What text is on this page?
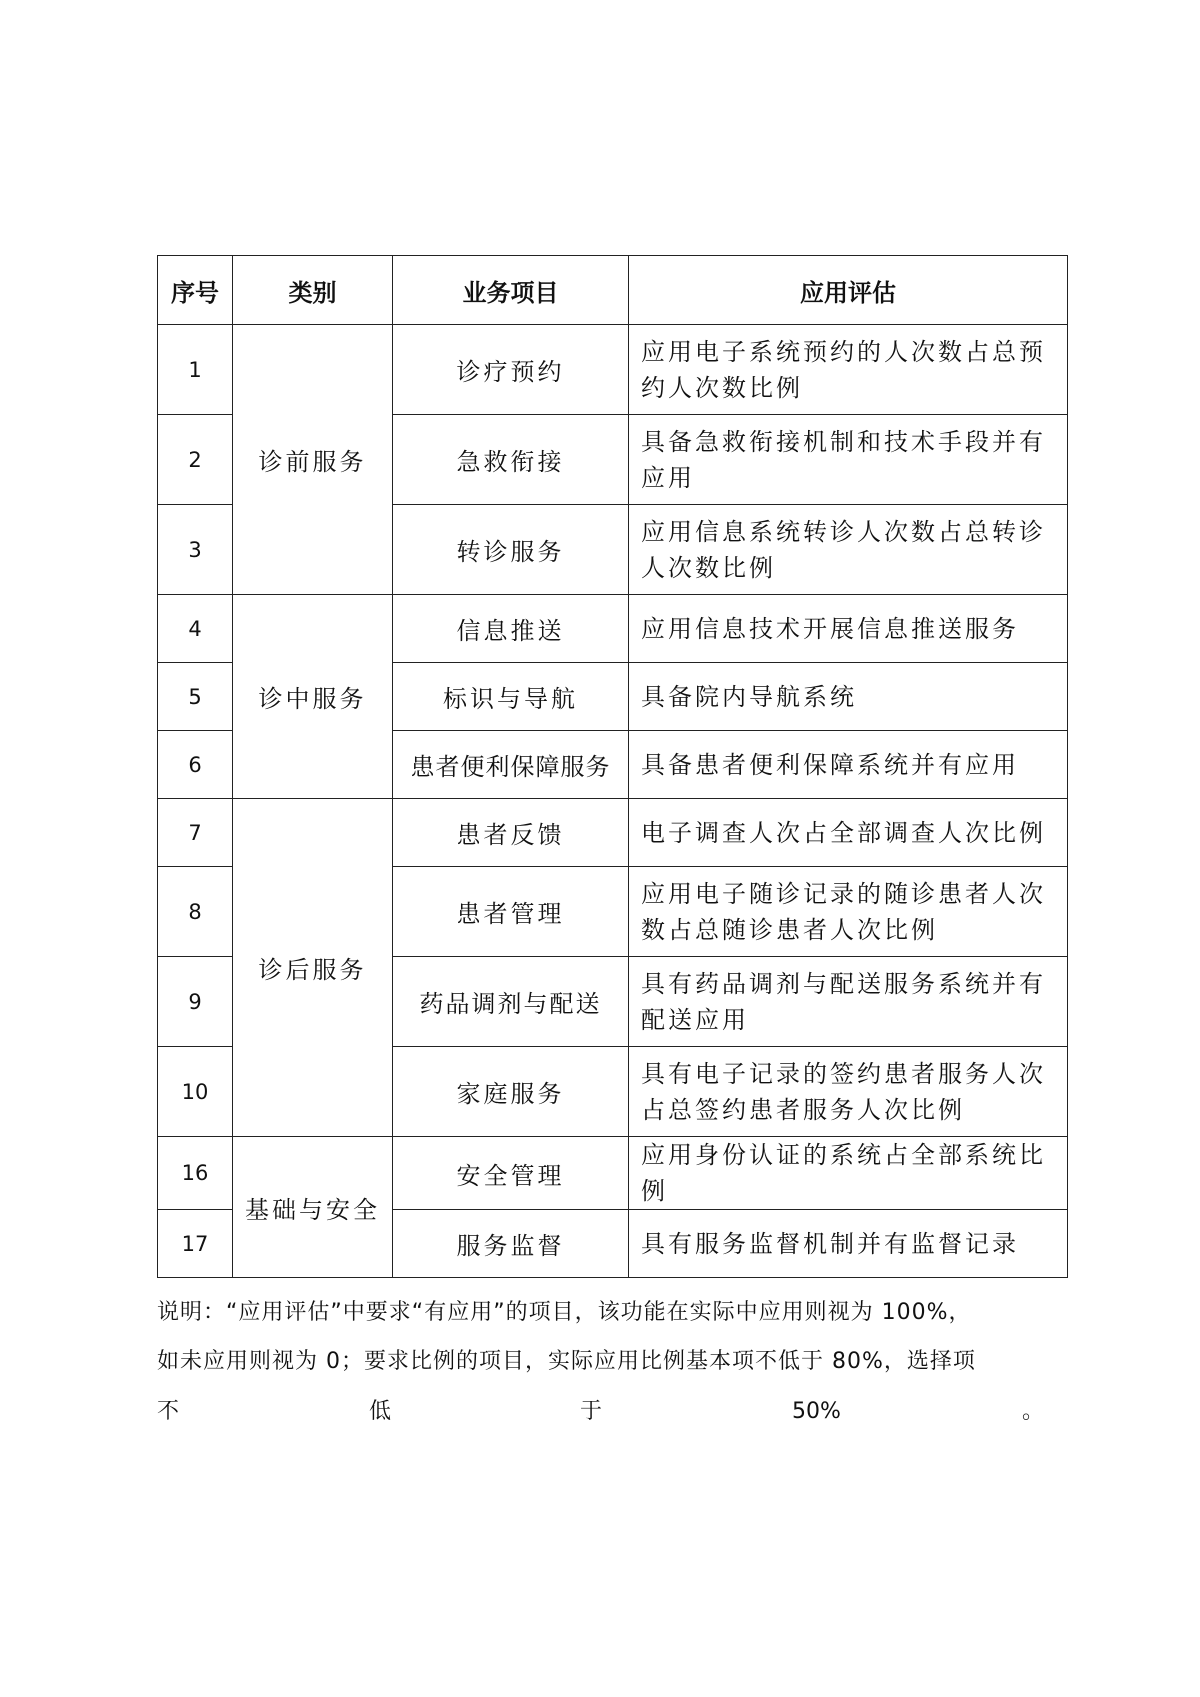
序号	类别	业务项目	应用评估
1	诊前服务	诊疗预约	应用电子系统预约的人次数占总预约人次数比例
2		急救衔接	具备急救衔接机制和技术手段并有应用
3		转诊服务	应用信息系统转诊人次数占总转诊人次数比例
4	诊中服务	信息推送	应用信息技术开展信息推送服务
5		标识与导航	具备院内导航系统
6		患者便利保障服务	具备患者便利保障系统并有应用
7	诊后服务	患者反馈	电子调查人次占全部调查人次比例
8		患者管理	应用电子随诊记录的随诊患者人次数占总随诊患者人次比例
9		药品调剂与配送	具有药品调剂与配送服务系统并有配送应用
10		家庭服务	具有电子记录的签约患者服务人次占总签约患者服务人次比例
16	基础与安全	安全管理	应用身份认证的系统占全部系统比例
17		服务监督	具有服务监督机制并有监督记录
说明：“应用评估”中要求“有应用”的项目，该功能在实际中应用则视为 100%，
如未应用则视为 0；要求比例的项目，实际应用比例基本项不低于 80%，选择项
不	低	于	50%	。
